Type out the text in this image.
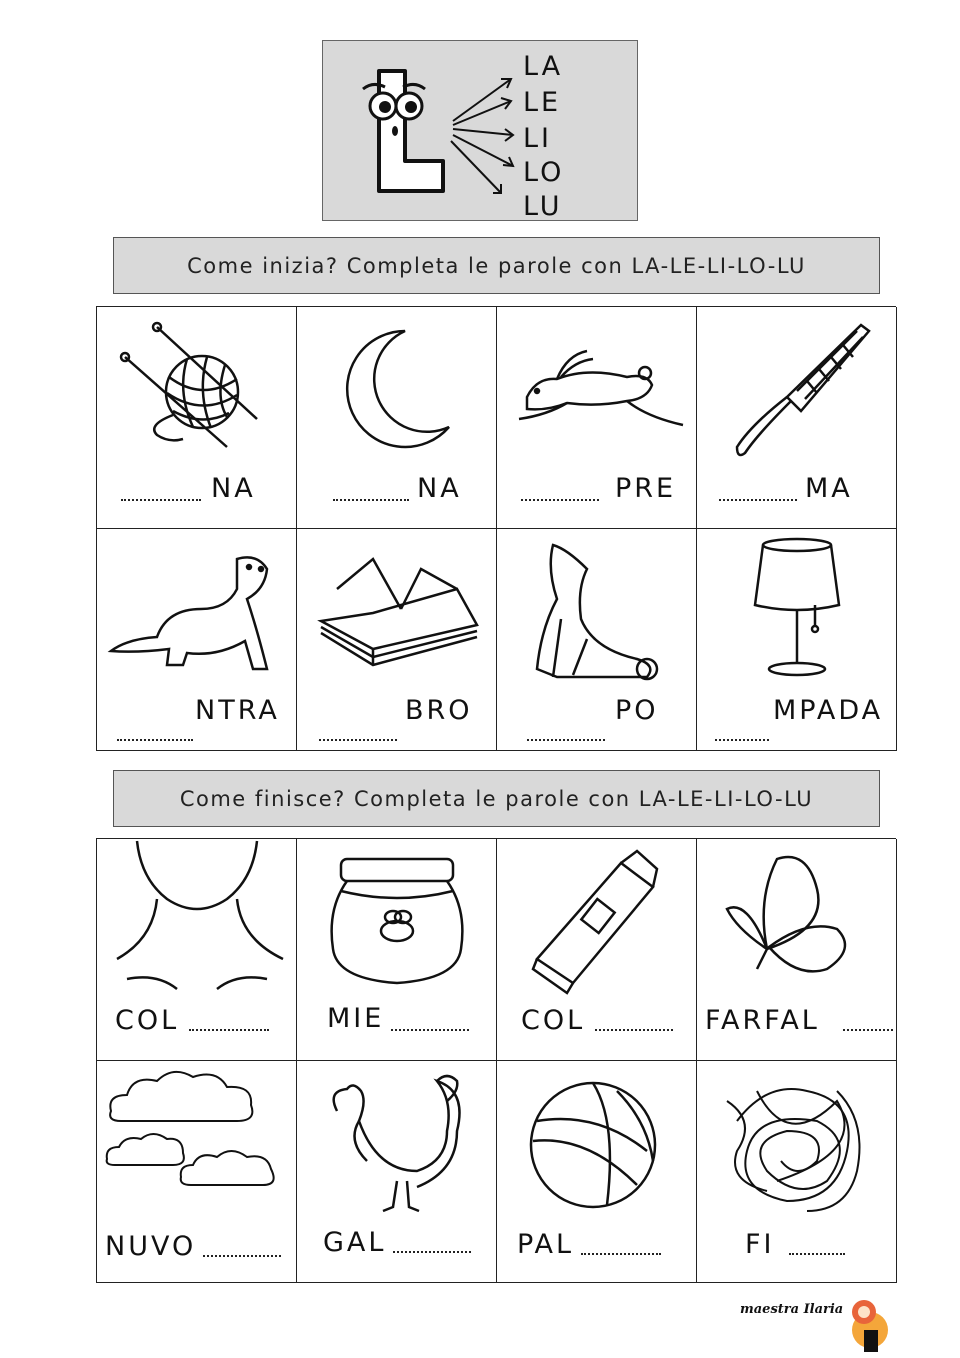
LA
LE
LI
LO
LU
Come inizia? Completa le parole con LA-LE-LI-LO-LU
NA	NA	PRE	MA
NTRA	BRO	PO	MPADA
Come finisce? Completa le parole con LA-LE-LI-LO-LU
COL	MIE	COL	FARFAL
NUVO	GAL	PAL	FI
maestra Ilaria
